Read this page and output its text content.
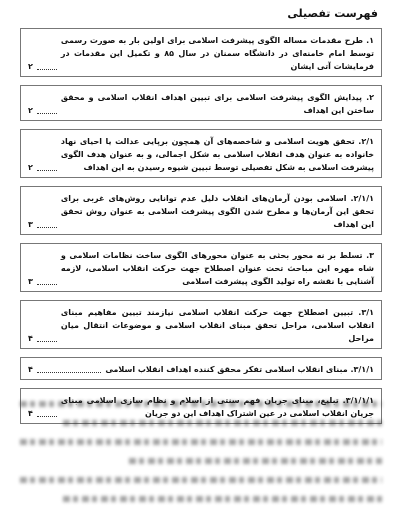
فهرست تفصیلی
۱. طرح مقدمات مساله الگوی پیشرفت اسلامی برای اولین بار به صورت رسمی توسط امام خامنه‌ای در دانشگاه سمنان در سال ۸۵ و تکمیل این مقدمات در فرمایشات آتی ایشان
۲
۲. پیدایش الگوی پیشرفت اسلامی برای تبیین اهداف انقلاب اسلامی و محقق ساختن این اهداف
۲
۲/۱. تحقق هویت اسلامی و شاخصه‌های آن همچون برپایی عدالت یا احیای نهاد خانواده به عنوان هدف انقلاب اسلامی به شکل اجمالی، و به عنوان هدف الگوی پیشرفت اسلامی به شکل تفصیلی توسط تبیین شیوه رسیدن به این اهداف
۲
۲/۱/۱. اسلامی بودن آرمان‌های انقلاب دلیل عدم توانایی روش‌های غربی برای تحقق این آرمان‌ها و مطرح شدن الگوی پیشرفت اسلامی به عنوان روش تحقق این اهداف
۳
۳. تسلط بر نه محور بحثی به عنوان محورهای الگوی ساخت نظامات اسلامی و شاه مهره این مباحث تحت عنوان اصطلاح جهت حرکت انقلاب اسلامی، لازمه آشنایی با نقشه راه تولید الگوی پیشرفت اسلامی
۳
۳/۱. تبیین اصطلاح جهت حرکت انقلاب اسلامی نیازمند تبیین مفاهیم مبنای انقلاب اسلامی، مراحل تحقق مبنای انقلاب اسلامی و موضوعات انتقال میان مراحل
۴
۳/۱/۱. مبنای انقلاب اسلامی تفکر محقق کننده اهداف انقلاب اسلامی
۴
۳/۱/۱/۱. تبلیغ، مبنای جریان فهم سنتی از اسلام و نظام سازی اسلامی مبنای جریان انقلاب اسلامی در عین اشتراک اهداف این دو جریان
۴
